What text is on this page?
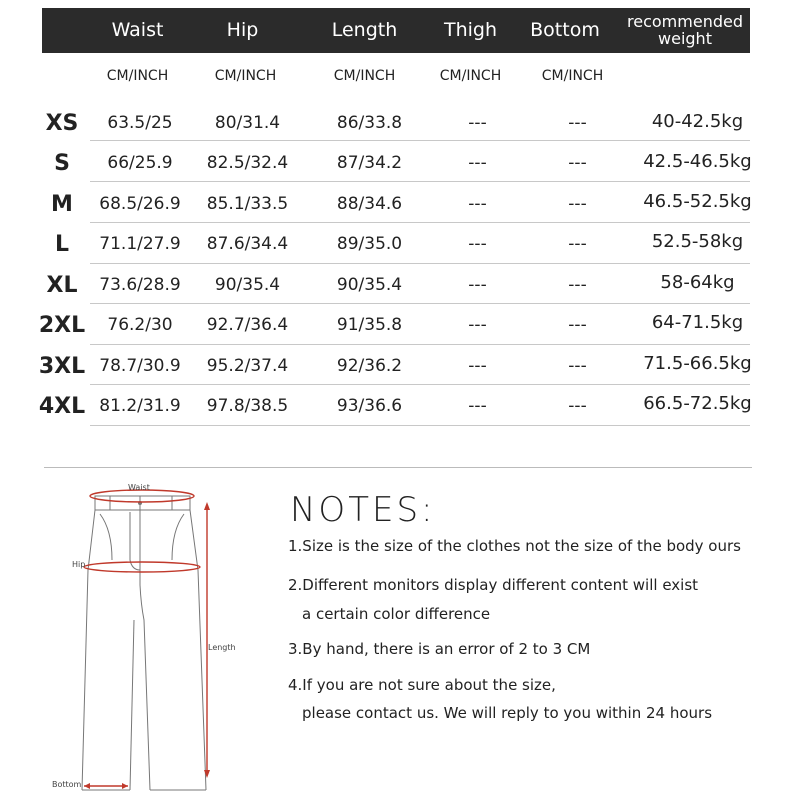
Waist	Hip	Length	Thigh	Bottom	recommended weight
CM/INCH	CM/INCH	CM/INCH	CM/INCH	CM/INCH
XS	63.5/25	80/31.4	86/33.8	---	---	40-42.5kg
S	66/25.9	82.5/32.4	87/34.2	---	---	42.5-46.5kg
M	68.5/26.9	85.1/33.5	88/34.6	---	---	46.5-52.5kg
L	71.1/27.9	87.6/34.4	89/35.0	---	---	52.5-58kg
XL	73.6/28.9	90/35.4	90/35.4	---	---	58-64kg
2XL	76.2/30	92.7/36.4	91/35.8	---	---	64-71.5kg
3XL 78.7/30.9	95.2/37.4	92/36.2	---	---	71.5-66.5kg
4XL 81.2/31.9	97.8/38.5	93/36.6	---	---	66.5-72.5kg
Waist
Hip
Length
Bottom
NOTES:
1.Size is the size of the clothes not the size of the body ours
2.Different monitors display different content will exist
a certain color difference
3.By hand, there is an error of 2 to 3 CM
4.If you are not sure about the size,
please contact us. We will reply to you within 24 hours
